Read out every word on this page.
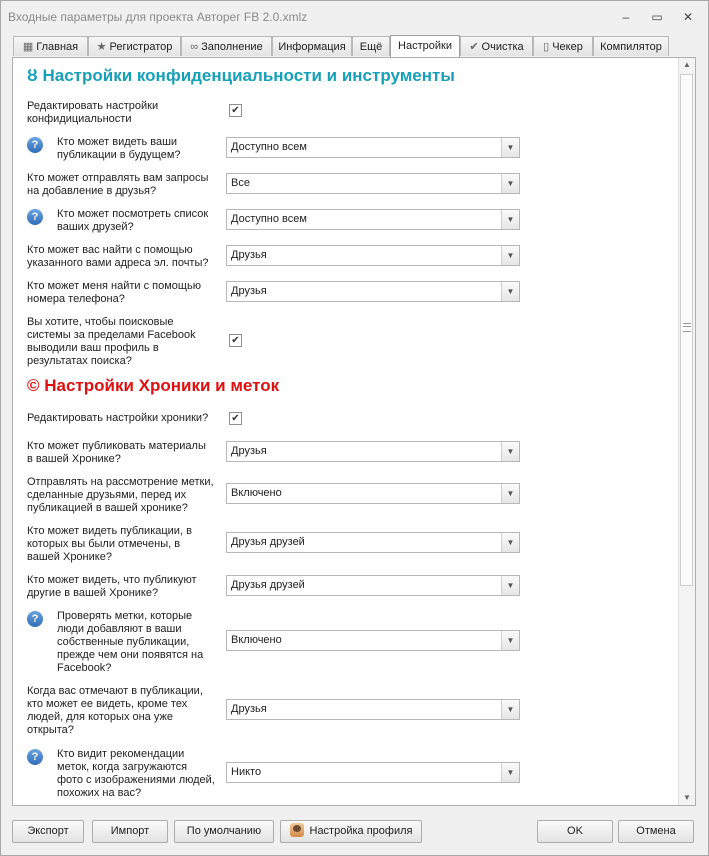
Входные параметры для проекта Авторег FB 2.0.xmlz	–	▭	✕
▦ Главная	★ Регистратор	∞ Заполнение	Информация	Ещё	Настройки	✔ Очистка	▯ Чекер	Компилятор
ȣ Настройки конфиденциальности и инструменты
Редактировать настройки
конфидициальности
✔
?	Кто может видеть ваши
публикации в будущем?
Доступно всем	▼
Кто может отправлять вам запросы
на добавление в друзья?
Все	▼
?	Кто может посмотреть список
ваших друзей?
Доступно всем	▼
Кто может вас найти с помощью
указанного вами адреса эл. почты?
Друзья	▼
Кто может меня найти с помощью
номера телефона?
Друзья	▼
Вы хотите, чтобы поисковые
системы за пределами Facebook
выводили ваш профиль в
результатах поиска?
✔
© Настройки Хроники и меток
Редактировать настройки хроники? ✔
Кто может публиковать материалы
в вашей Хронике?
Друзья	▼
Отправлять на рассмотрение метки,
сделанные друзьями, перед их
публикацией в вашей хронике?
Включено	▼
Кто может видеть публикации, в
которых вы были отмечены, в
вашей Хронике?
Друзья друзей	▼
Кто может видеть, что публикуют
другие в вашей Хронике?
Друзья друзей	▼
?	Проверять метки, которые
люди добавляют в ваши
собственные публикации,
прежде чем они появятся на
Facebook?
Включено	▼
Когда вас отмечают в публикации,
кто может ее видеть, кроме тех
людей, для которых она уже
открыта?
Друзья	▼
?	Кто видит рекомендации
меток, когда загружаются
фото с изображениями людей,
похожих на вас?
Никто	▼
▲
▼
Экспорт	Импорт	По умолчанию	Настройка профиля	OK	Отмена
